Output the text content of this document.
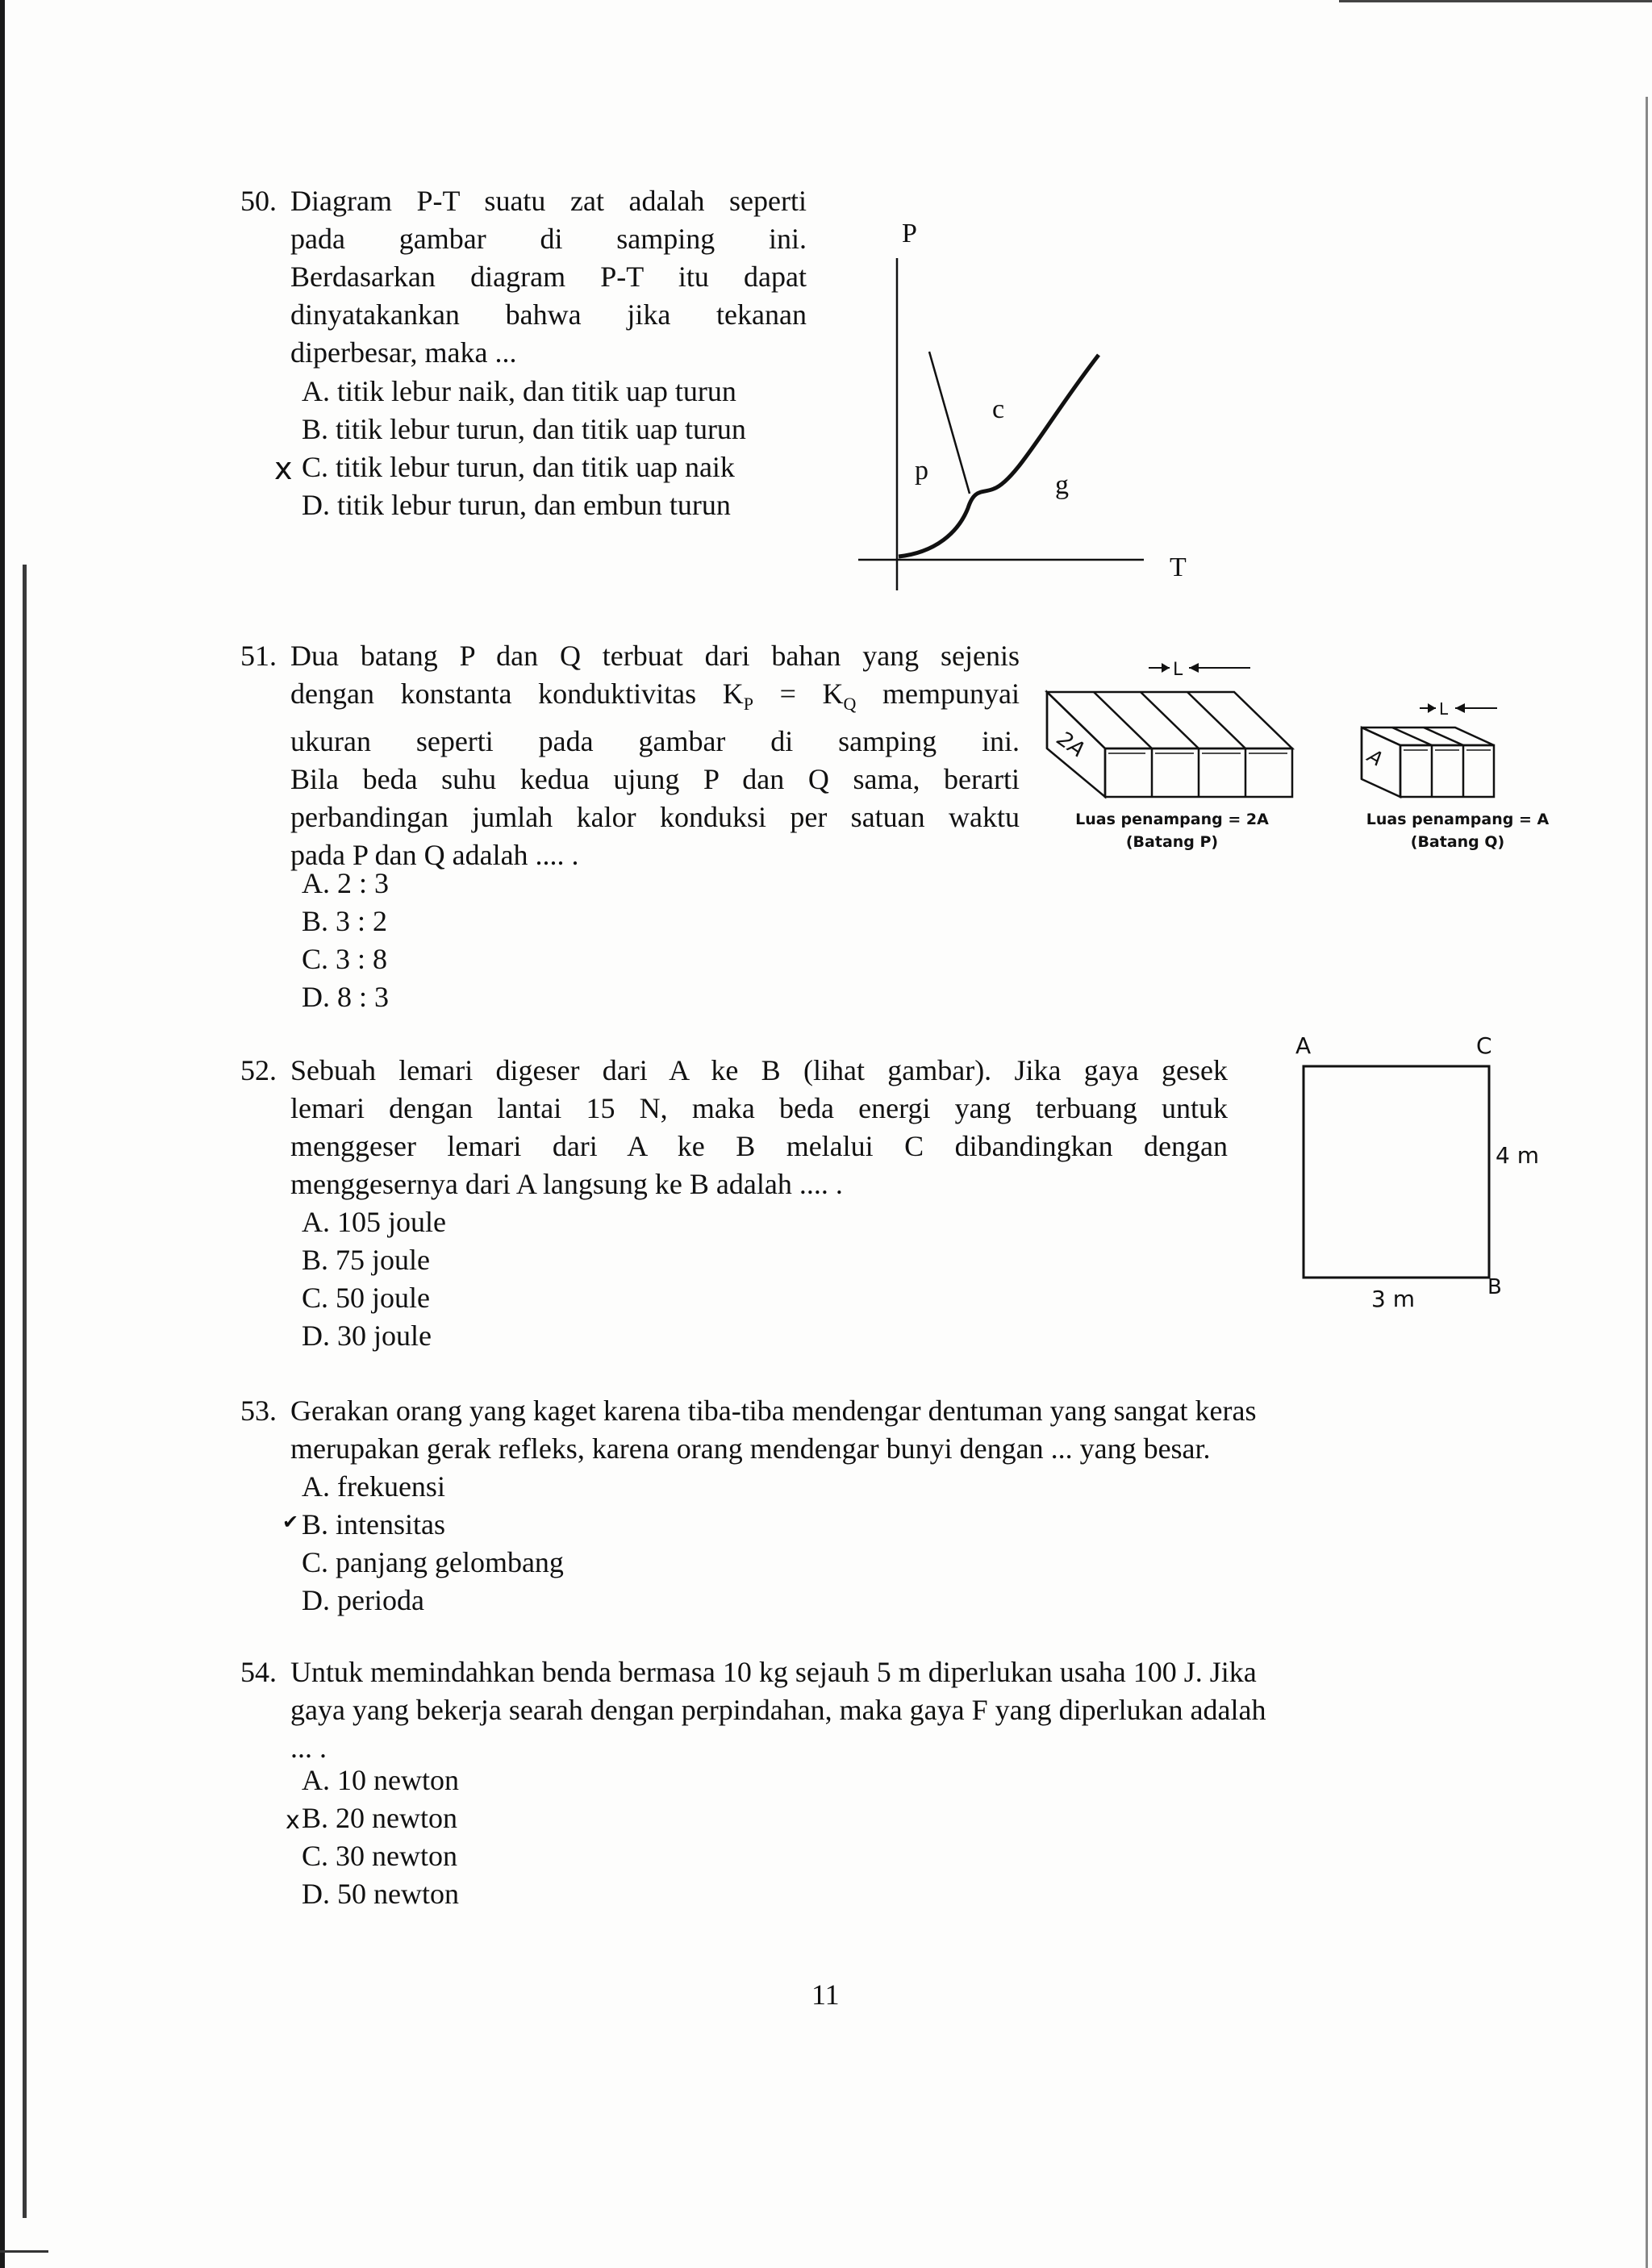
50. Diagram P-T suatu zat adalah seperti
pada gambar di samping ini.
Berdasarkan diagram P-T itu dapat
dinyatakankan bahwa jika tekanan
diperbesar, maka ...
A. titik lebur naik, dan titik uap turun
B. titik lebur turun, dan titik uap turun
C. titik lebur turun, dan titik uap naik
D. titik lebur turun, dan embun turun
x
P
T
c
p	g
51. Dua batang P dan Q terbuat dari bahan yang sejenis
dengan konstanta konduktivitas $K_P = K_Q$ mempunyai
ukuran seperti pada gambar di samping ini.
Bila beda suhu kedua ujung P dan Q sama, berarti
perbandingan jumlah kalor konduksi per satuan waktu
pada P dan Q adalah .... .
A. 2 : 3
B. 3 : 2
C. 3 : 8
D. 8 : 3
L
2A
Luas penampang = 2A
(Batang P)
L
A
Luas penampang = A
(Batang Q)
52. Sebuah lemari digeser dari A ke B (lihat gambar). Jika gaya gesek
lemari dengan lantai 15 N, maka beda energi yang terbuang untuk
menggeser lemari dari A ke B melalui C dibandingkan dengan
menggesernya dari A langsung ke B adalah .... .
A. 105 joule
B. 75 joule
C. 50 joule
D. 30 joule
A	C
B
4 m
3 m
53. Gerakan orang yang kaget karena tiba-tiba mendengar dentuman yang sangat keras
merupakan gerak refleks, karena orang mendengar bunyi dengan ... yang besar.
A. frekuensi
B. intensitas
C. panjang gelombang
D. perioda
✔
54. Untuk memindahkan benda bermasa 10 kg sejauh 5 m diperlukan usaha 100 J. Jika
gaya yang bekerja searah dengan perpindahan, maka gaya F yang diperlukan adalah
... .
A. 10 newton
B. 20 newton
C. 30 newton
D. 50 newton
x
11
